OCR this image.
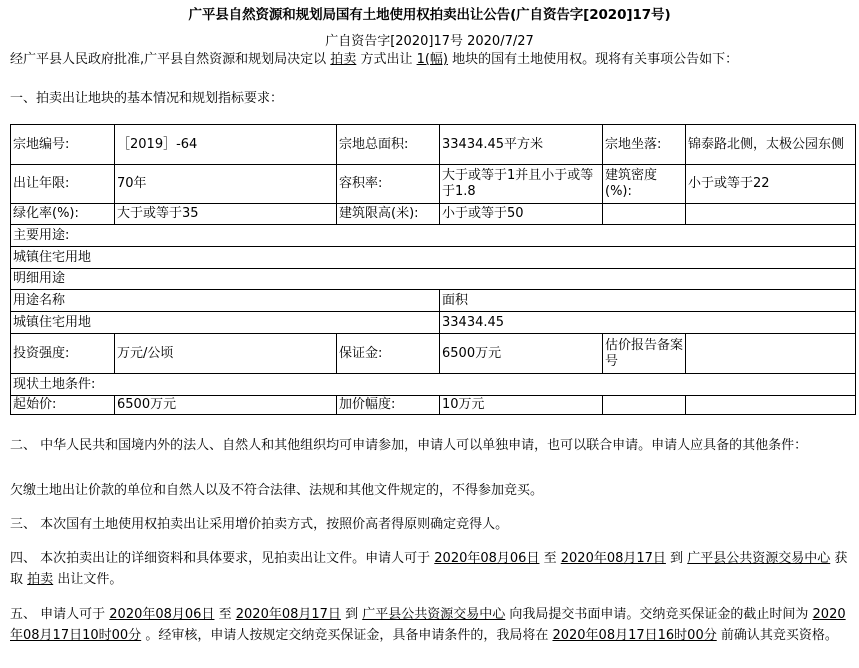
广平县自然资源和规划局国有土地使用权拍卖出让公告(广自资告字[2020]17号)
广自资告字[2020]17号 2020/7/27
经广平县人民政府批准,广平县自然资源和规划局决定以 拍卖 方式出让 1(幅) 地块的国有土地使用权。现将有关事项公告如下：
一、拍卖出让地块的基本情况和规划指标要求：
宗地编号:	［2019］-64	宗地总面积:	33434.45平方米	宗地坐落:	锦泰路北侧，太极公园东侧
出让年限:	70年	容积率:	大于或等于1并且小于或等于1.8	建筑密度(%):	小于或等于22
绿化率(%):	大于或等于35	建筑限高(米):	小于或等于50		
主要用途:					
城镇住宅用地					
明细用途					
用途名称			面积		
城镇住宅用地			33434.45		
投资强度:	万元/公顷	保证金:	6500万元	估价报告备案号	
现状土地条件:					
起始价:	6500万元	加价幅度:	10万元		
二、 中华人民共和国境内外的法人、自然人和其他组织均可申请参加，申请人可以单独申请，也可以联合申请。申请人应具备的其他条件：
欠缴土地出让价款的单位和自然人以及不符合法律、法规和其他文件规定的，不得参加竞买。
三、 本次国有土地使用权拍卖出让采用增价拍卖方式，按照价高者得原则确定竞得人。
四、 本次拍卖出让的详细资料和具体要求，见拍卖出让文件。申请人可于 2020年08月06日 至 2020年08月17日 到 广平县公共资源交易中心 获取 拍卖 出让文件。
五、 申请人可于 2020年08月06日 至 2020年08月17日 到 广平县公共资源交易中心 向我局提交书面申请。交纳竞买保证金的截止时间为 2020年08月17日10时00分 。经审核，申请人按规定交纳竞买保证金，具备申请条件的，我局将在 2020年08月17日16时00分 前确认其竞买资格。
